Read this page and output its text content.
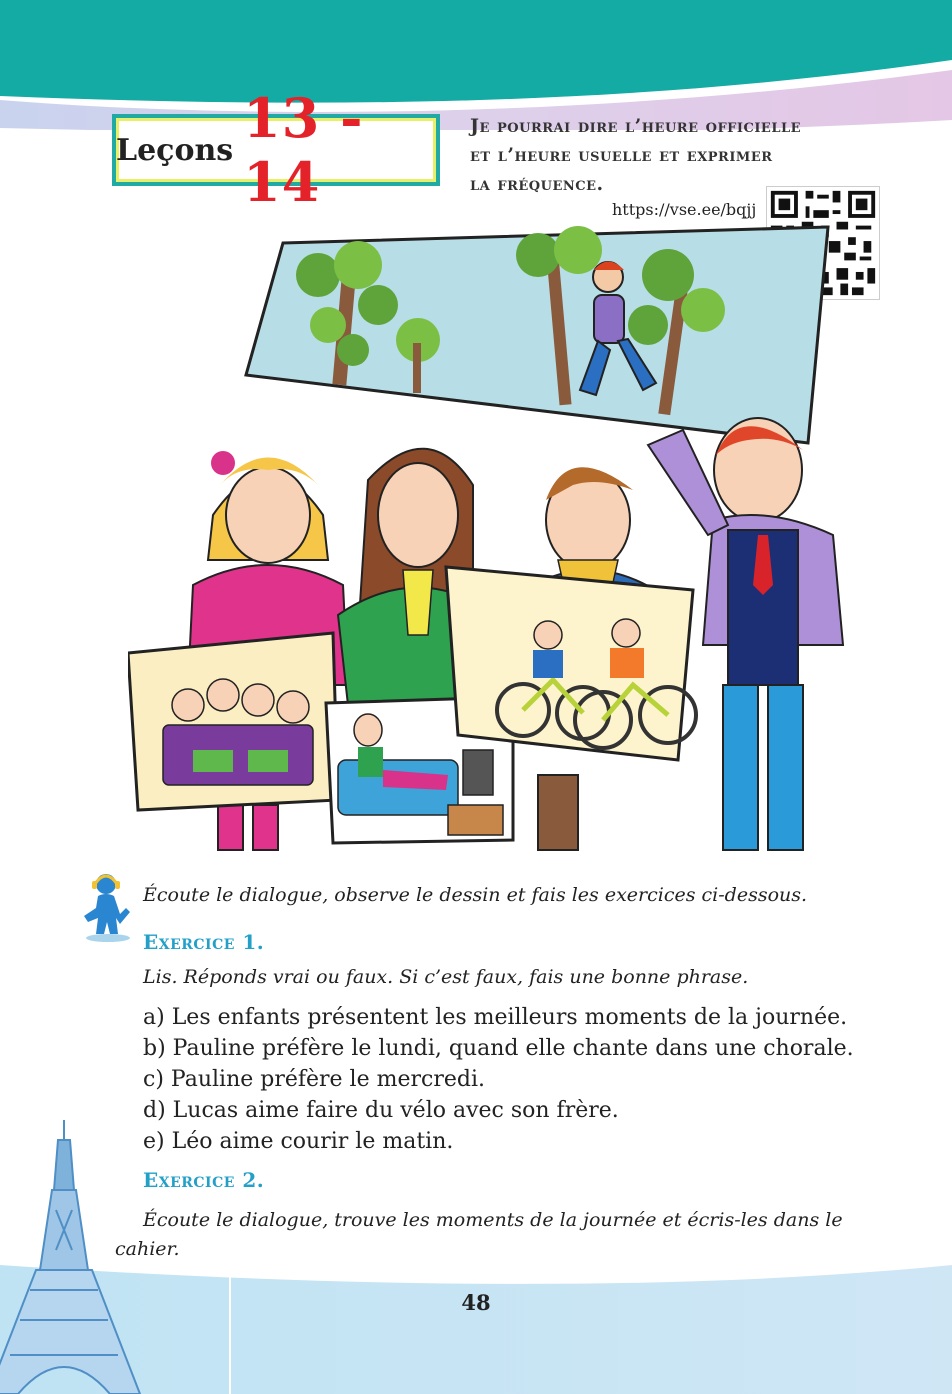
Leçons 13 - 14
Je pourrai dire l’heure officielle
et l’heure usuelle et exprimer
la fréquence.
https://vse.ee/bqjj
Écoute le dialogue, observe le dessin et fais les exercices ci-dessous.
Exercice 1.
Lis. Réponds vrai ou faux. Si c’est faux, fais une bonne phrase.
a) Les enfants présentent les meilleurs moments de la journée.
b) Pauline préfère le lundi, quand elle chante dans une chorale.
c) Pauline préfère le mercredi.
d) Lucas aime faire du vélo avec son frère.
e) Léo aime courir le matin.
Exercice 2.
Écoute le dialogue, trouve les moments de la journée et écris-les dans le cahier.
48
